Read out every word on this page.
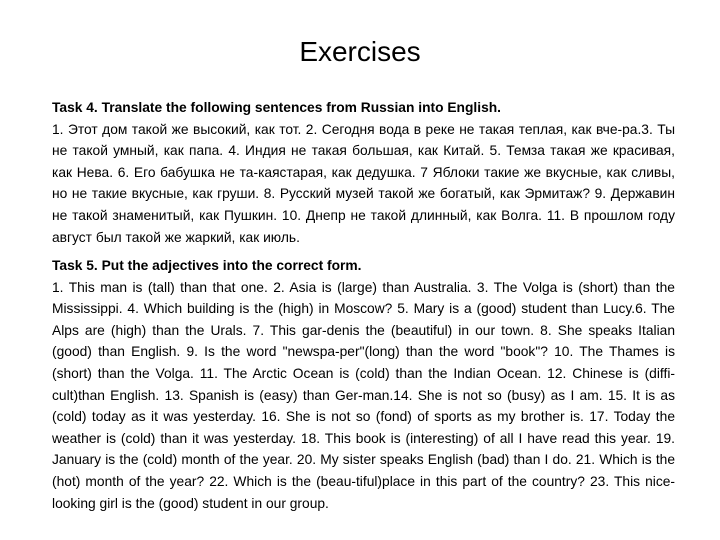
Exercises
Task 4. Translate the following sentences from Russian into English.
1. Этот дом такой же высокий, как тот. 2. Сегодня вода в реке не такая теплая, как вче-ра.3. Ты не такой умный, как папа. 4. Индия не такая большая, как Китай. 5. Темза такая же красивая, как Нева. 6. Его бабушка не та-каястарая, как дедушка. 7 Яблоки такие же вкусные, как сливы, но не такие вкусные, как груши. 8. Русский музей такой же богатый, как Эрмитаж? 9. Державин не такой знаменитый, как Пушкин. 10. Днепр не такой длинный, как Волга. 11. В прошлом году август был такой же жаркий, как июль.
Task 5. Put the adjectives into the correct form.
1. This man is (tall) than that one. 2. Asia is (large) than Australia. 3. The Volga is (short) than the Mississippi. 4. Which building is the (high) in Moscow? 5. Mary is a (good) student than Lucy.6. The Alps are (high) than the Urals. 7. This gar-denis the (beautiful) in our town. 8. She speaks Italian (good) than English. 9. Is the word "newspa-per"(long) than the word "book"? 10. The Thames is (short) than the Volga. 11. The Arctic Ocean is (cold) than the Indian Ocean. 12. Chinese is (diffi-cult)than English. 13. Spanish is (easy) than Ger-man.14. She is not so (busy) as I am. 15. It is as (cold) today as it was yesterday. 16. She is not so (fond) of sports as my brother is. 17. Today the weather is (cold) than it was yesterday. 18. This book is (interesting) of all I have read this year. 19. January is the (cold) month of the year. 20. My sister speaks English (bad) than I do. 21. Which is the (hot) month of the year? 22. Which is the (beau-tiful)place in this part of the country? 23. This nice-looking girl is the (good) student in our group.
